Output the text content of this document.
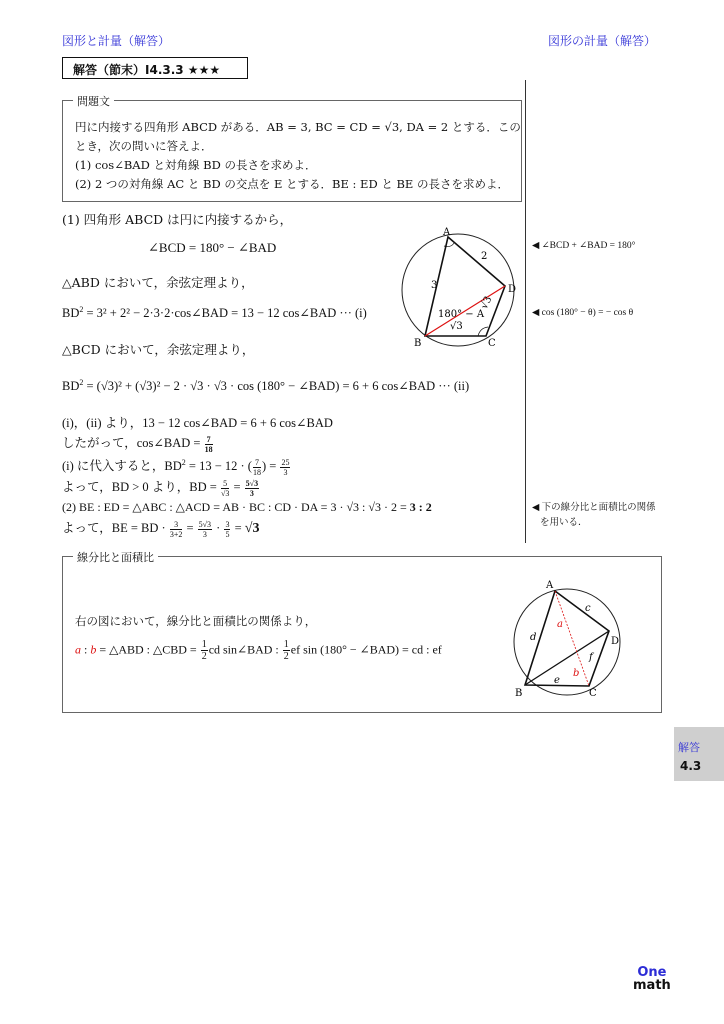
図形と計量（解答）	図形の計量（解答）
解答（節末）I4.3.3 ★★★
問題文
円に内接する四角形 ABCD がある．AB = 3, BC = CD = √3, DA = 2 とする．この
とき，次の問いに答えよ．
(1) cos∠BAD と対角線 BD の長さを求めよ．
(2) 2 つの対角線 AC と BD の交点を E とする．BE : ED と BE の長さを求めよ．
(1) 四角形 ABCD は円に内接するから，
∠BCD = 180° − ∠BAD
△ABD において，余弦定理より，
$BD^2 = 3^2 + 2^2$ − 2·3·2·cos∠BAD = 13 − 12 cos∠BAD ··· (i)
△BCD において，余弦定理より，
$BD^2 = (√3)^2 + (√3)^2 - 2 \cdot √3 \cdot √3 \cdot \cos (180^\circ$ − ∠BAD) = 6 + 6 cos∠BAD ··· (ii)
(i)，(ii) より，13 − 12 cos∠BAD = 6 + 6 cos∠BAD
したがって，cos∠BAD = $\frac{7}{18}$
(i) に代入すると，$BD^2 = 13 - 12$ · ( $\frac{7}{18}$ ) = $\frac{25}{3}$
よって，BD > 0 より，BD = $\frac{5}{√3} = \frac{5√3}{3}$
(2) BE : ED = △ABC : △ACD = AB · BC : CD · DA = 3 · √3 : √3 · 2 = 3 : 2
よって，BE = BD · $\frac{3}{3+2} = \frac{5√3}{3} \cdot \frac{3}{5} = √3$
A
D
C
B
3
2
√3
√3
180° − A
◀ ∠BCD + ∠BAD = 180°
◀ cos (180° − θ) = − cos θ
◀ 下の線分比と面積比の関係
を用いる．
線分比と面積比
右の図において，線分比と面積比の関係より，
a : b = △ABD : △CBD = $\frac{1}{2}$ cd sin∠BAD : $\frac{1}{2}$ ef sin (180° − ∠BAD) = cd : ef
A
D
C
B
c
d
e
f
a
b
解答
4.3
One
math
